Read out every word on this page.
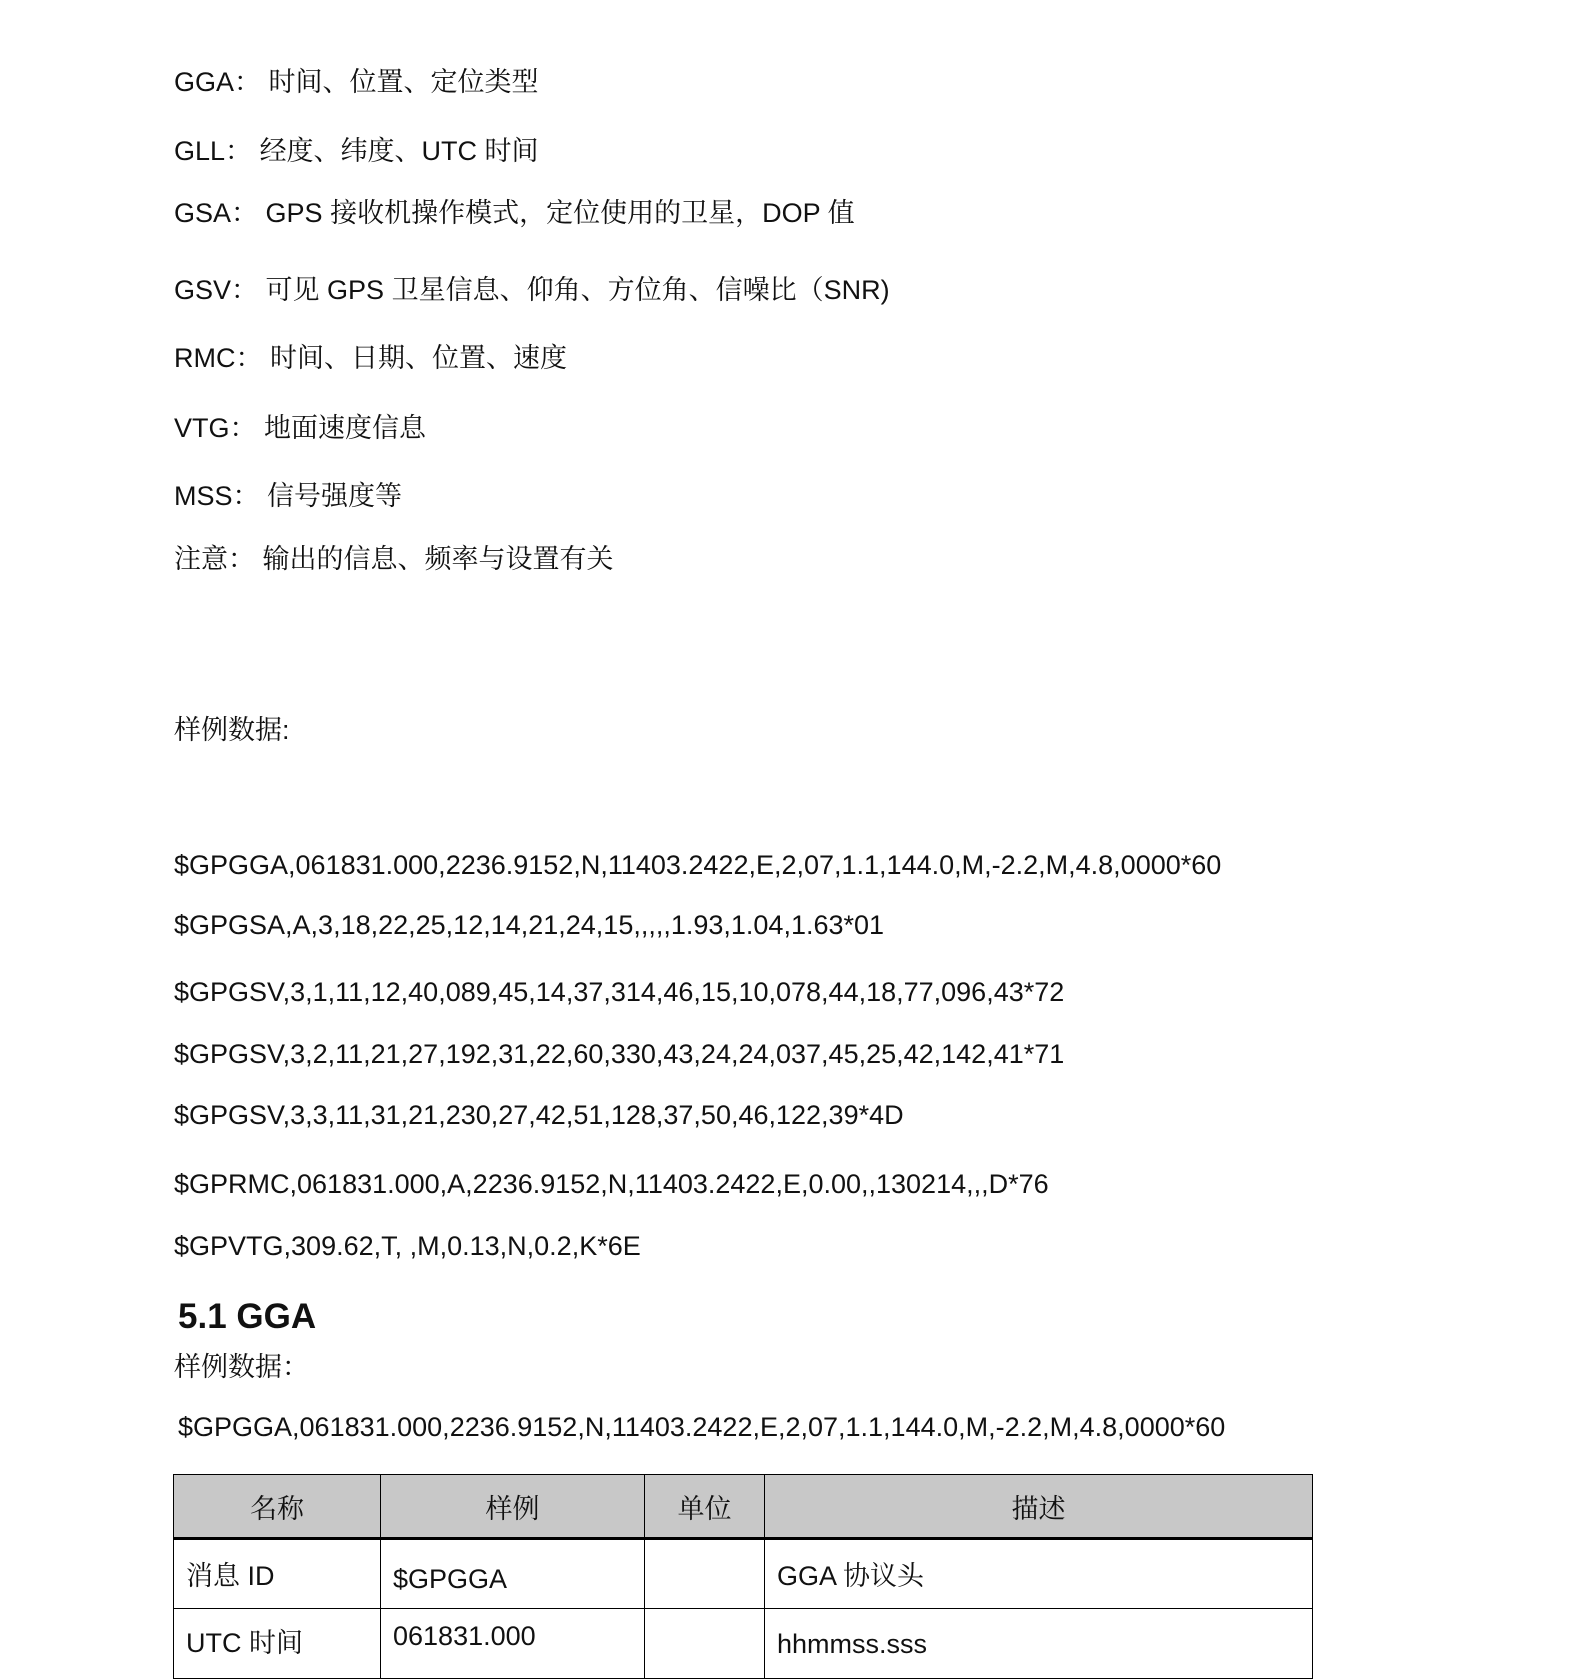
GGA： 时间、位置、定位类型
GLL： 经度、纬度、UTC 时间
GSA： GPS 接收机操作模式，定位使用的卫星，DOP 值
GSV： 可见 GPS 卫星信息、仰角、方位角、信噪比（SNR)
RMC： 时间、日期、位置、速度
VTG： 地面速度信息
MSS： 信号强度等
注意： 输出的信息、频率与设置有关
样例数据:
$GPGGA,061831.000,2236.9152,N,11403.2422,E,2,07,1.1,144.0,M,-2.2,M,4.8,0000*60
$GPGSA,A,3,18,22,25,12,14,21,24,15,,,,,1.93,1.04,1.63*01
$GPGSV,3,1,11,12,40,089,45,14,37,314,46,15,10,078,44,18,77,096,43*72
$GPGSV,3,2,11,21,27,192,31,22,60,330,43,24,24,037,45,25,42,142,41*71
$GPGSV,3,3,11,31,21,230,27,42,51,128,37,50,46,122,39*4D
$GPRMC,061831.000,A,2236.9152,N,11403.2422,E,0.00,,130214,,,D*76
$GPVTG,309.62,T, ,M,0.13,N,0.2,K*6E
5.1 GGA
样例数据：
$GPGGA,061831.000,2236.9152,N,11403.2422,E,2,07,1.1,144.0,M,-2.2,M,4.8,0000*60
名称	样例	单位	描述
消息 ID	$GPGGA		GGA 协议头
UTC 时间	061831.000		hhmmss.sss
